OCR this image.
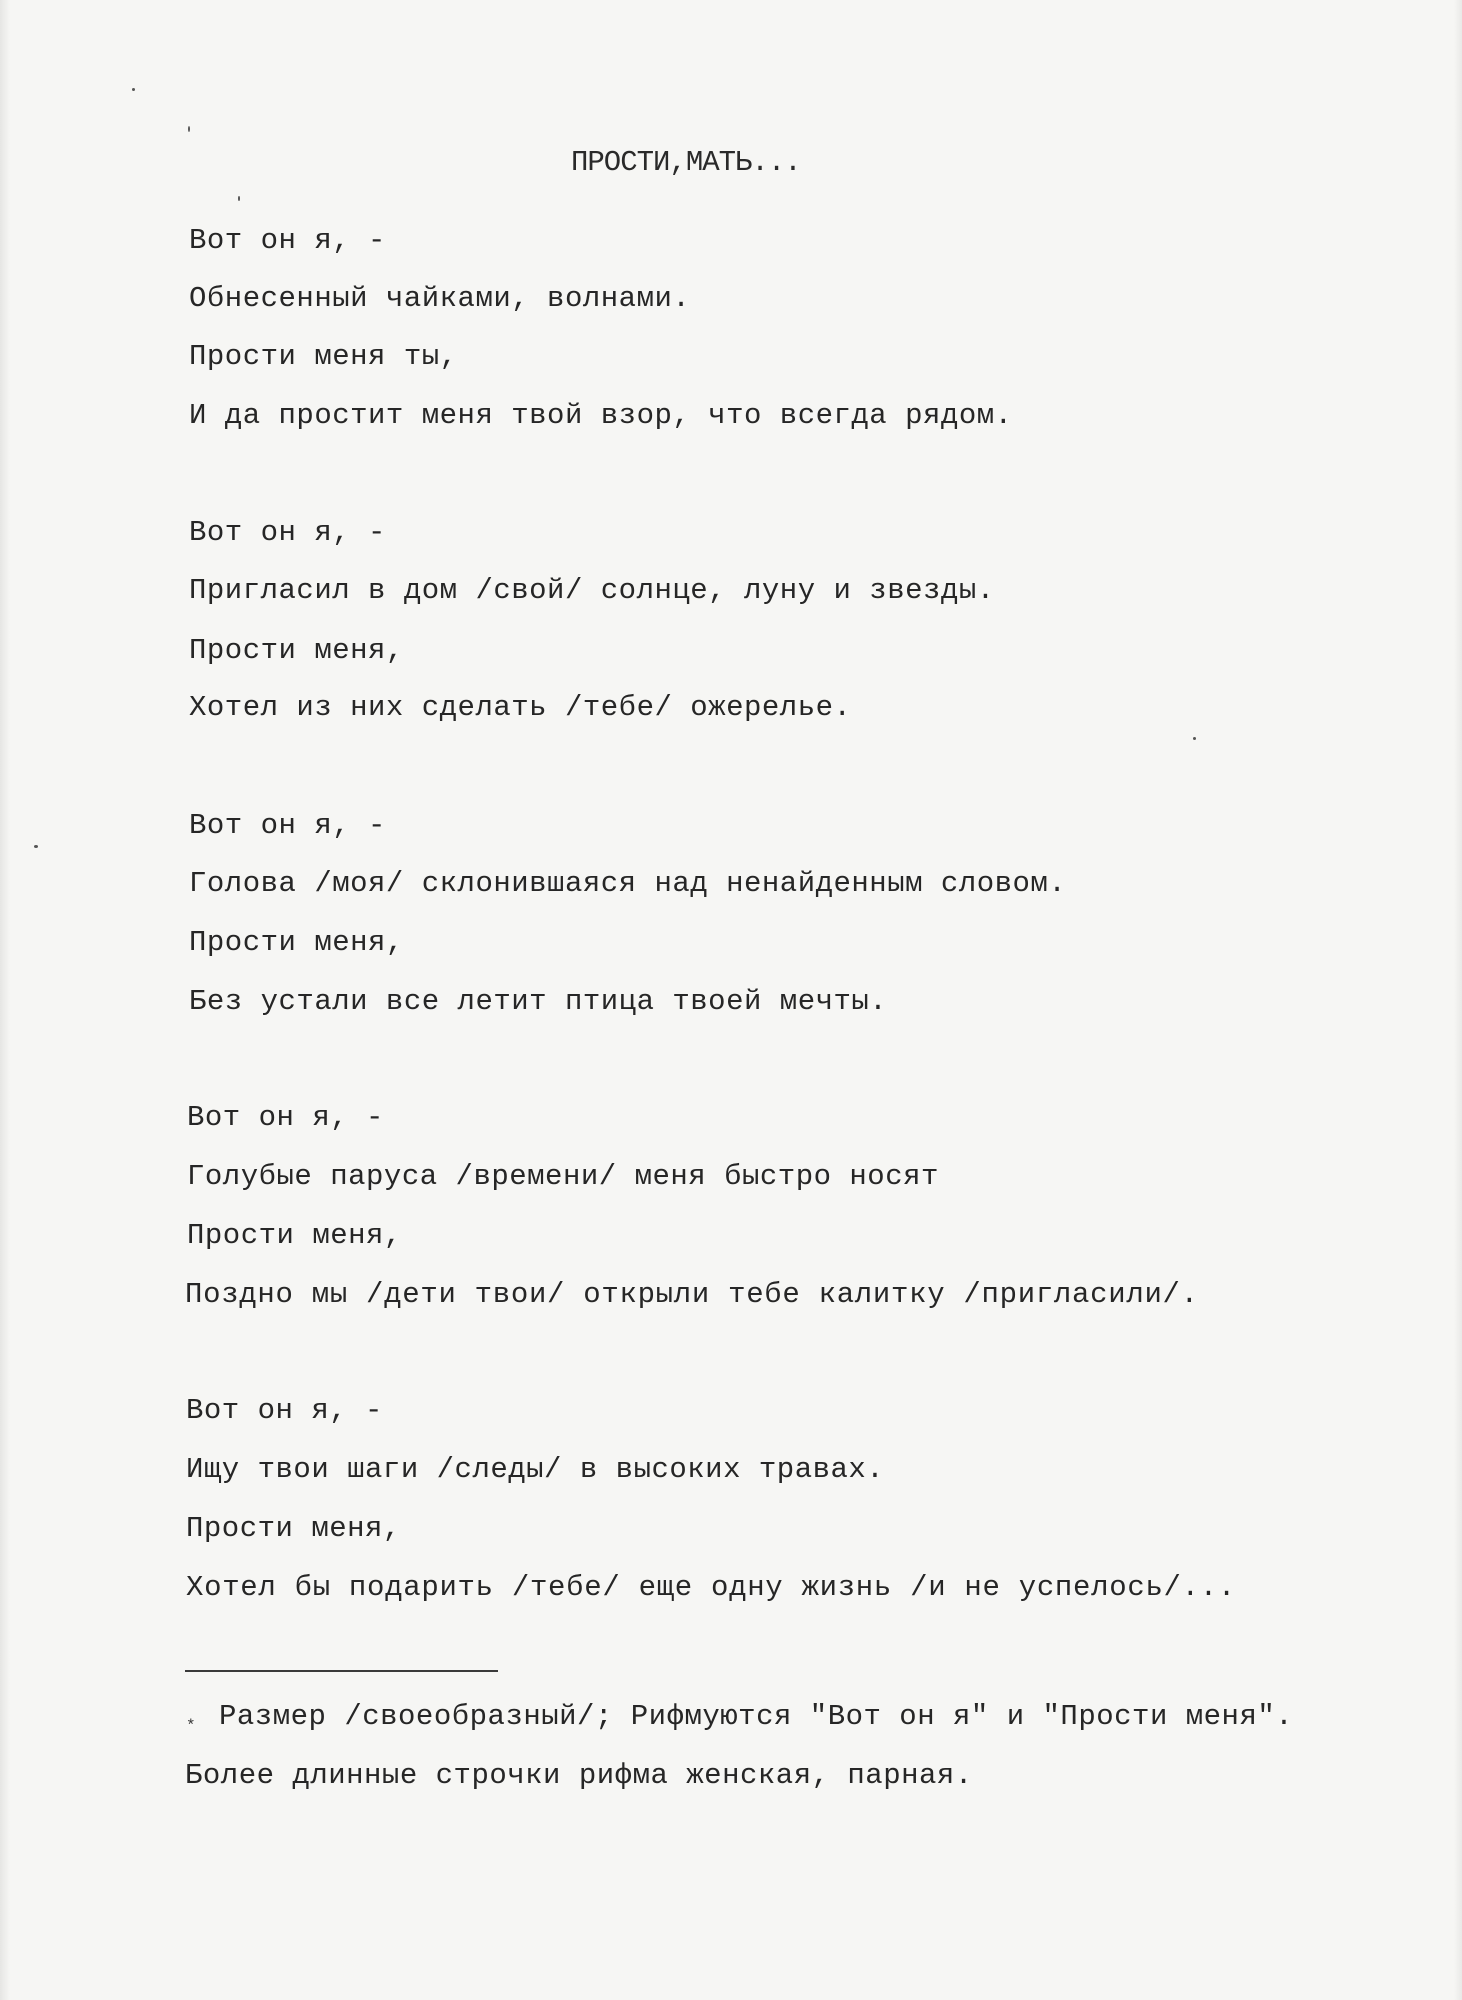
ПРОСТИ,МАТЬ...
Вот он я, -
Обнесенный чайками, волнами.
Прости меня ты,
И да простит меня твой взор, что всегда рядом.
Вот он я, -
Пригласил в дом /свой/ солнце, луну и звезды.
Прости меня,
Хотел из них сделать /тебе/ ожерелье.
Вот он я, -
Голова /моя/ склонившаяся над ненайденным словом.
Прости меня,
Без устали все летит птица твоей мечты.
Вот он я, -
Голубые паруса /времени/ меня быстро носят
Прости меня,
Поздно мы /дети твои/ открыли тебе калитку /пригласили/.
Вот он я, -
Ищу твои шаги /следы/ в высоких травах.
Прости меня,
Хотел бы подарить /тебе/ еще одну жизнь /и не успелось/...
* Размер /своеобразный/; Рифмуются "Вот он я" и "Прости меня".
Более длинные строчки рифма женская, парная.
